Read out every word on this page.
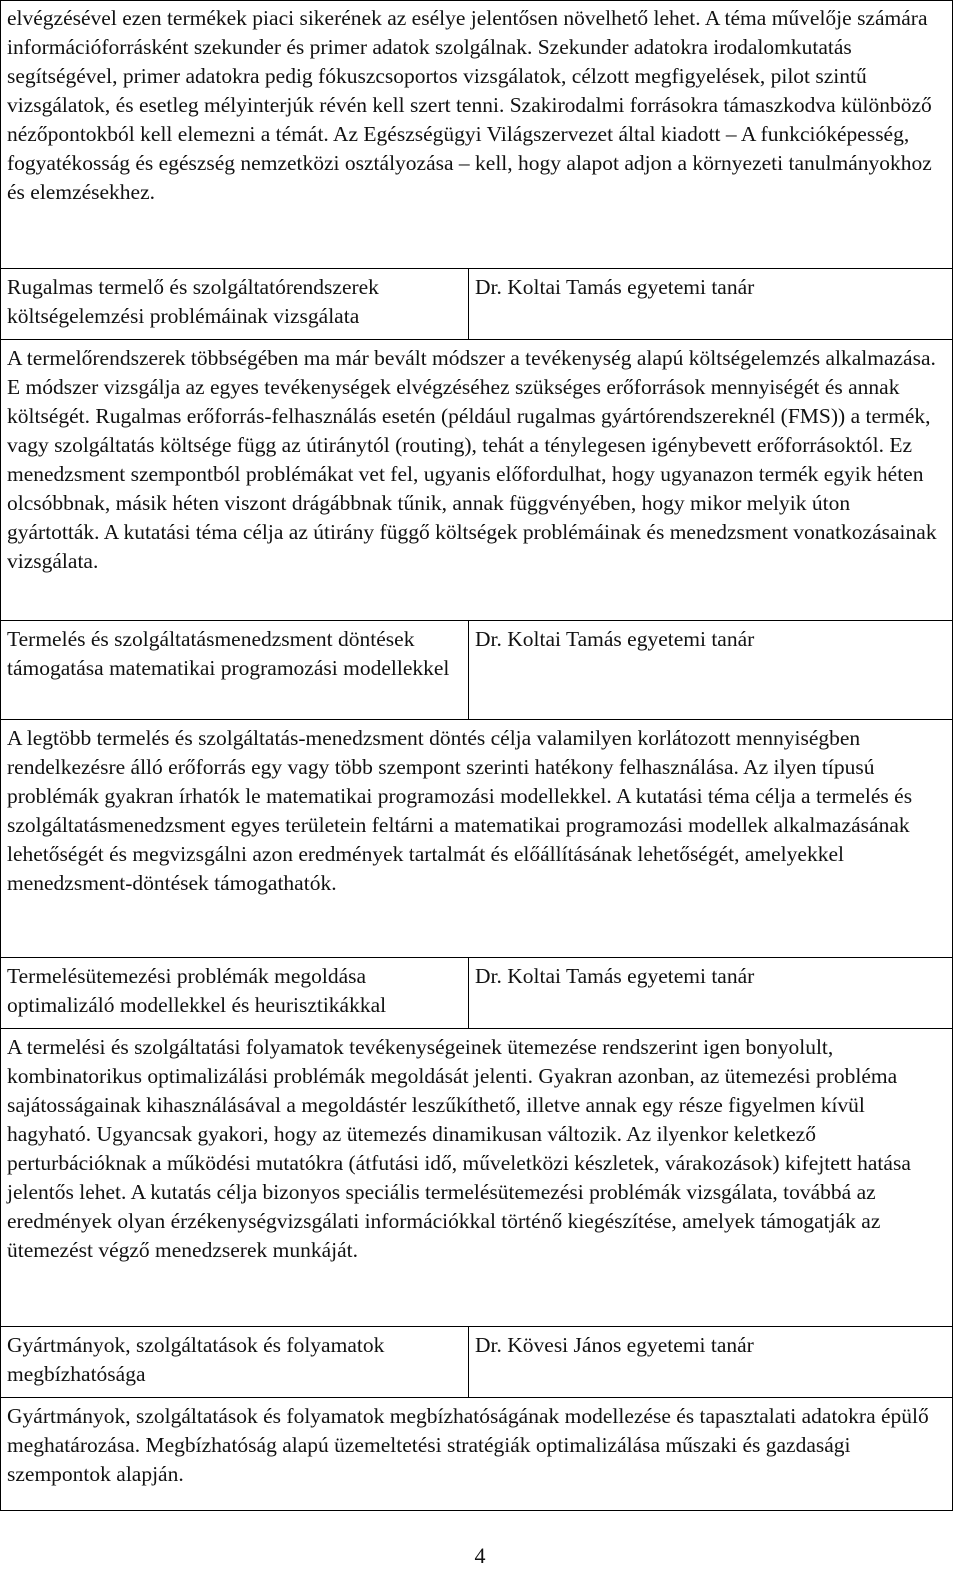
elvégzésével ezen termékek piaci sikerének az esélye jelentősen növelhető lehet. A téma művelője számára információforrásként szekunder és primer adatok szolgálnak. Szekunder adatokra irodalomkutatás segítségével, primer adatokra pedig fókuszcsoportos vizsgálatok, célzott megfigyelések, pilot szintű vizsgálatok, és esetleg mélyinterjúk révén kell szert tenni. Szakirodalmi forrásokra támaszkodva különböző nézőpontokból kell elemezni a témát. Az Egészségügyi Világszervezet által kiadott – A funkcióképesség, fogyatékosság és egészség nemzetközi osztályozása – kell, hogy alapot adjon a környezeti tanulmányokhoz és elemzésekhez.	

Rugalmas termelő és szolgáltatórendszerek költségelemzési problémáinak vizsgálata	Dr. Koltai Tamás egyetemi tanár
A termelőrendszerek többségében ma már bevált módszer a tevékenység alapú költségelemzés alkalmazása. E módszer vizsgálja az egyes tevékenységek elvégzéséhez szükséges erőforrások mennyiségét és annak költségét. Rugalmas erőforrás-felhasználás esetén (például rugalmas gyártórendszereknél (FMS)) a termék, vagy szolgáltatás költsége függ az útiránytól (routing), tehát a ténylegesen igénybevett erőforrásoktól. Ez menedzsment szempontból problémákat vet fel, ugyanis előfordulhat, hogy ugyanazon termék egyik héten olcsóbbnak, másik héten viszont drágábbnak tűnik, annak függvényében, hogy mikor melyik úton gyártották. A kutatási téma célja az útirány függő költségek problémáinak és menedzsment vonatkozásainak vizsgálata.	
Termelés és szolgáltatásmenedzsment döntések támogatása matematikai programozási modellekkel	Dr. Koltai Tamás egyetemi tanár
A legtöbb termelés és szolgáltatás-menedzsment döntés célja valamilyen korlátozott mennyiségben rendelkezésre álló erőforrás egy vagy több szempont szerinti hatékony felhasználása. Az ilyen típusú problémák gyakran írhatók le matematikai programozási modellekkel. A kutatási téma célja a termelés és szolgáltatásmenedzsment egyes területein feltárni a matematikai programozási modellek alkalmazásának lehetőségét és megvizsgálni azon eredmények tartalmát és előállításának lehetőségét, amelyekkel menedzsment-döntések támogathatók.	
Termelésütemezési problémák megoldása optimalizáló modellekkel és heurisztikákkal	Dr. Koltai Tamás egyetemi tanár
A termelési és szolgáltatási folyamatok tevékenységeinek ütemezése rendszerint igen bonyolult, kombinatorikus optimalizálási problémák megoldását jelenti. Gyakran azonban, az ütemezési probléma sajátosságainak kihasználásával a megoldástér leszűkíthető, illetve annak egy része figyelmen kívül hagyható. Ugyancsak gyakori, hogy az ütemezés dinamikusan változik. Az ilyenkor keletkező perturbációknak a működési mutatókra (átfutási idő, műveletközi készletek, várakozások) kifejtett hatása jelentős lehet. A kutatás célja bizonyos speciális termelésütemezési problémák vizsgálata, továbbá az eredmények olyan érzékenységvizsgálati információkkal történő kiegészítése, amelyek támogatják az ütemezést végző menedzserek munkáját.	
Gyártmányok, szolgáltatások és folyamatok megbízhatósága	Dr. Kövesi János egyetemi tanár
Gyártmányok, szolgáltatások és folyamatok megbízhatóságának modellezése és tapasztalati adatokra épülő meghatározása. Megbízhatóság alapú üzemeltetési stratégiák optimalizálása műszaki és gazdasági szempontok alapján.	
4
